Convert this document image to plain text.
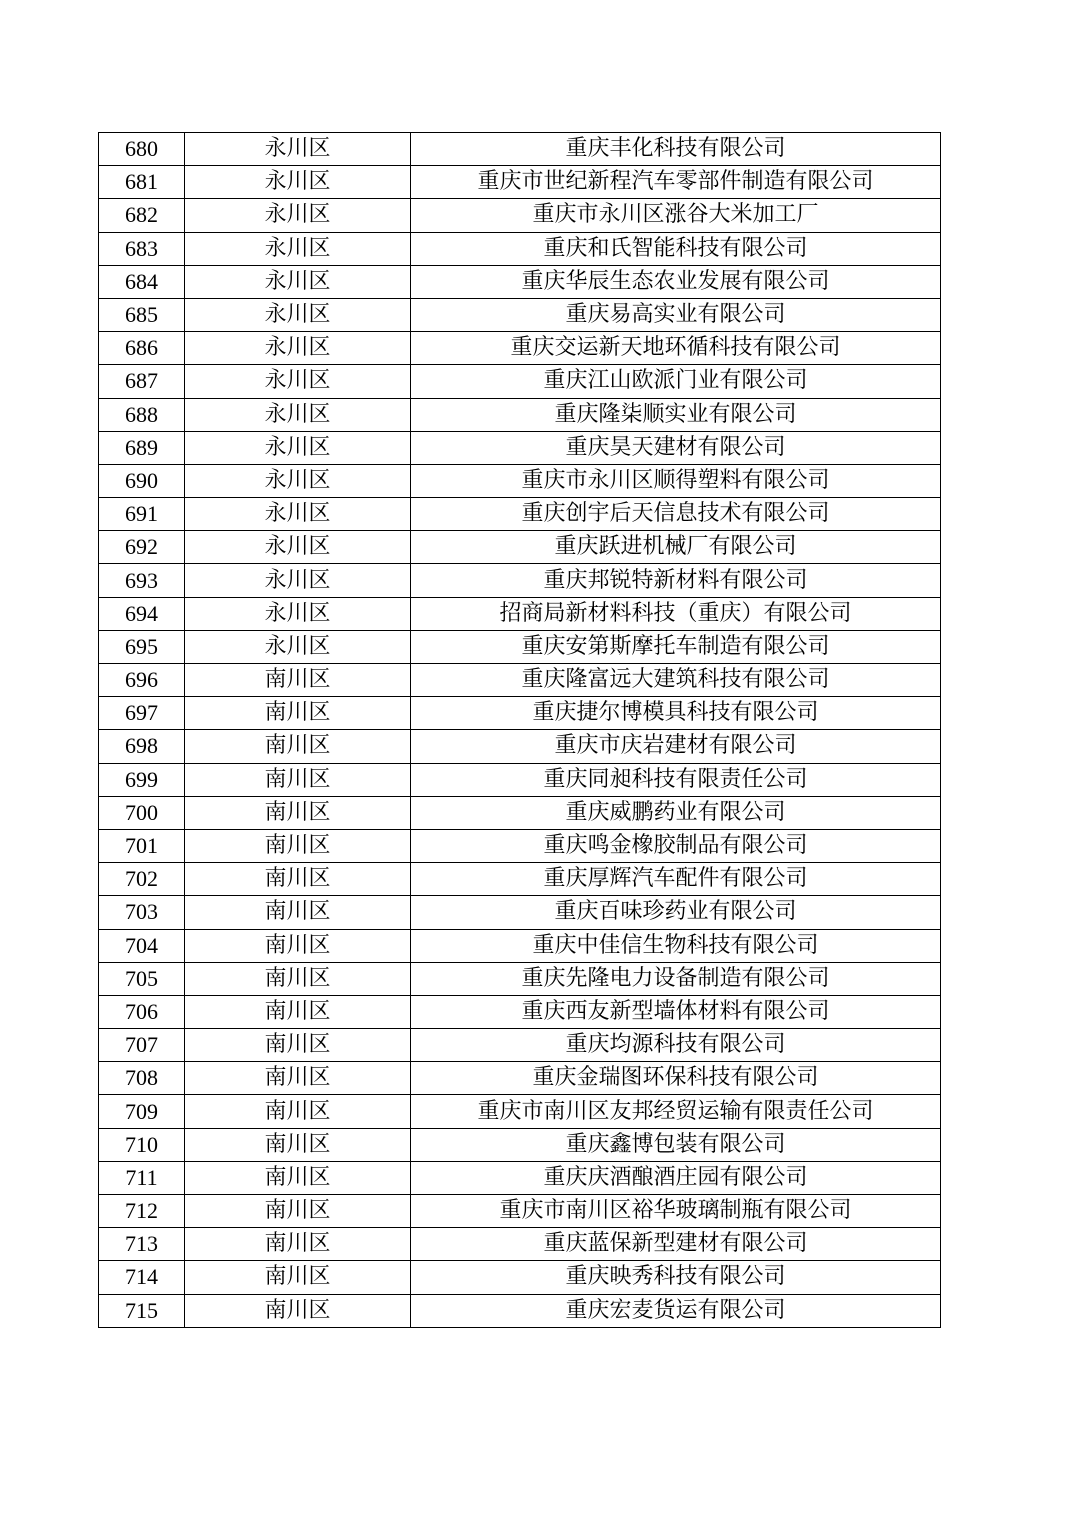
680	永川区	重庆丰化科技有限公司
681	永川区	重庆市世纪新程汽车零部件制造有限公司
682	永川区	重庆市永川区涨谷大米加工厂
683	永川区	重庆和氏智能科技有限公司
684	永川区	重庆华辰生态农业发展有限公司
685	永川区	重庆易高实业有限公司
686	永川区	重庆交运新天地环循科技有限公司
687	永川区	重庆江山欧派门业有限公司
688	永川区	重庆隆柒顺实业有限公司
689	永川区	重庆昊天建材有限公司
690	永川区	重庆市永川区顺得塑料有限公司
691	永川区	重庆创宇后天信息技术有限公司
692	永川区	重庆跃进机械厂有限公司
693	永川区	重庆邦锐特新材料有限公司
694	永川区	招商局新材料科技（重庆）有限公司
695	永川区	重庆安第斯摩托车制造有限公司
696	南川区	重庆隆富远大建筑科技有限公司
697	南川区	重庆捷尔博模具科技有限公司
698	南川区	重庆市庆岩建材有限公司
699	南川区	重庆同昶科技有限责任公司
700	南川区	重庆威鹏药业有限公司
701	南川区	重庆鸣金橡胶制品有限公司
702	南川区	重庆厚辉汽车配件有限公司
703	南川区	重庆百味珍药业有限公司
704	南川区	重庆中佳信生物科技有限公司
705	南川区	重庆先隆电力设备制造有限公司
706	南川区	重庆西友新型墙体材料有限公司
707	南川区	重庆均源科技有限公司
708	南川区	重庆金瑞图环保科技有限公司
709	南川区	重庆市南川区友邦经贸运输有限责任公司
710	南川区	重庆鑫博包装有限公司
711	南川区	重庆庆酒酿酒庄园有限公司
712	南川区	重庆市南川区裕华玻璃制瓶有限公司
713	南川区	重庆蓝保新型建材有限公司
714	南川区	重庆映秀科技有限公司
715	南川区	重庆宏麦货运有限公司
